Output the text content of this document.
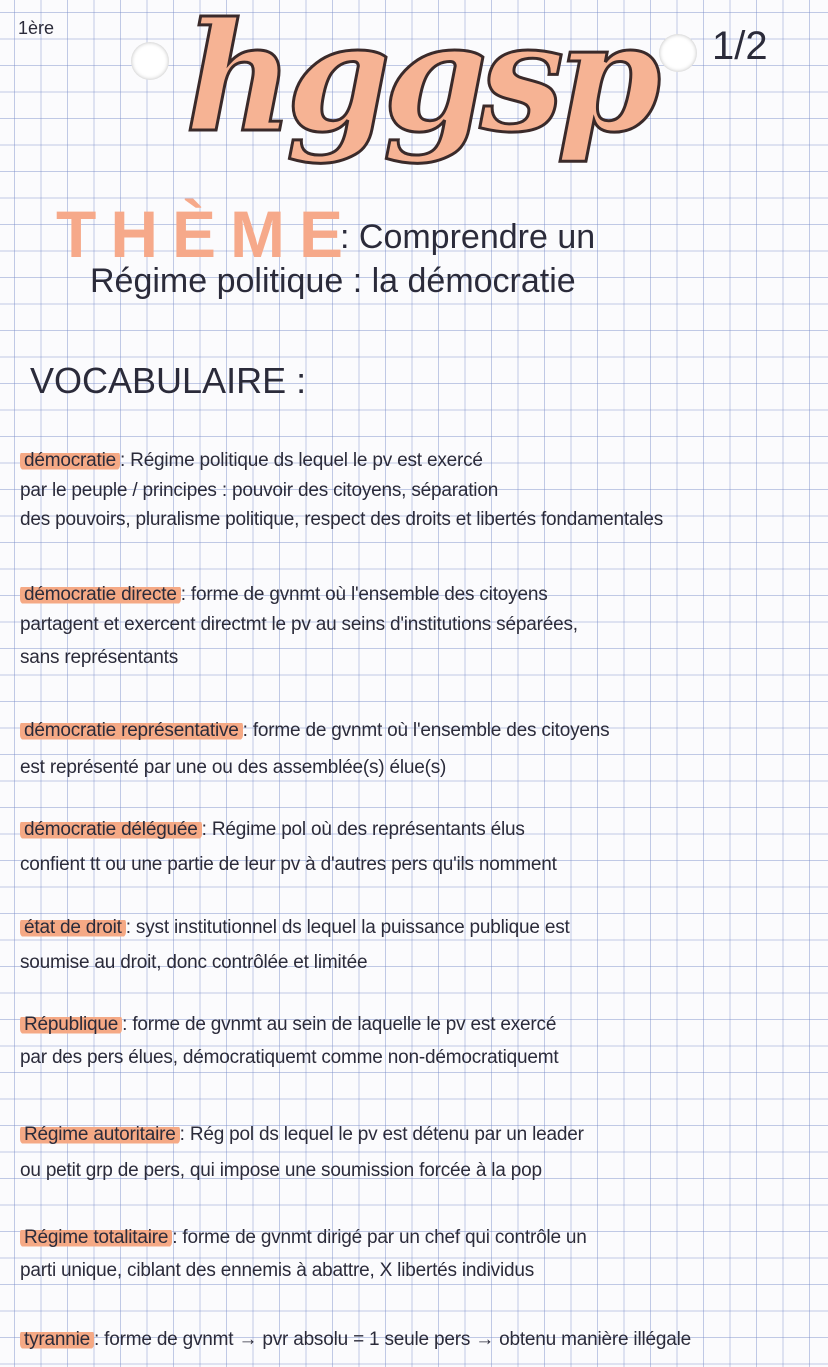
1ère hggsp 1/2
THÈME
: Comprendre un
Régime politique : la démocratie
VOCABULAIRE :
démocratie : Régime politique ds lequel le pv est exercé
par le peuple / principes : pouvoir des citoyens, séparation
des pouvoirs, pluralisme politique, respect des droits et libertés fondamentales
démocratie directe : forme de gvnmt où l'ensemble des citoyens
partagent et exercent directmt le pv au seins d'institutions séparées,
sans représentants
démocratie représentative : forme de gvnmt où l'ensemble des citoyens
est représenté par une ou des assemblée(s) élue(s)
démocratie déléguée : Régime pol où des représentants élus
confient tt ou une partie de leur pv à d'autres pers qu'ils nomment
état de droit : syst institutionnel ds lequel la puissance publique est
soumise au droit, donc contrôlée et limitée
République : forme de gvnmt au sein de laquelle le pv est exercé
par des pers élues, démocratiquemt comme non-démocratiquemt
Régime autoritaire : Rég pol ds lequel le pv est détenu par un leader
ou petit grp de pers, qui impose une soumission forcée à la pop
Régime totalitaire : forme de gvnmt dirigé par un chef qui contrôle un
parti unique, ciblant des ennemis à abattre, X libertés individus
tyrannie : forme de gvnmt → pvr absolu = 1 seule pers → obtenu manière illégale
